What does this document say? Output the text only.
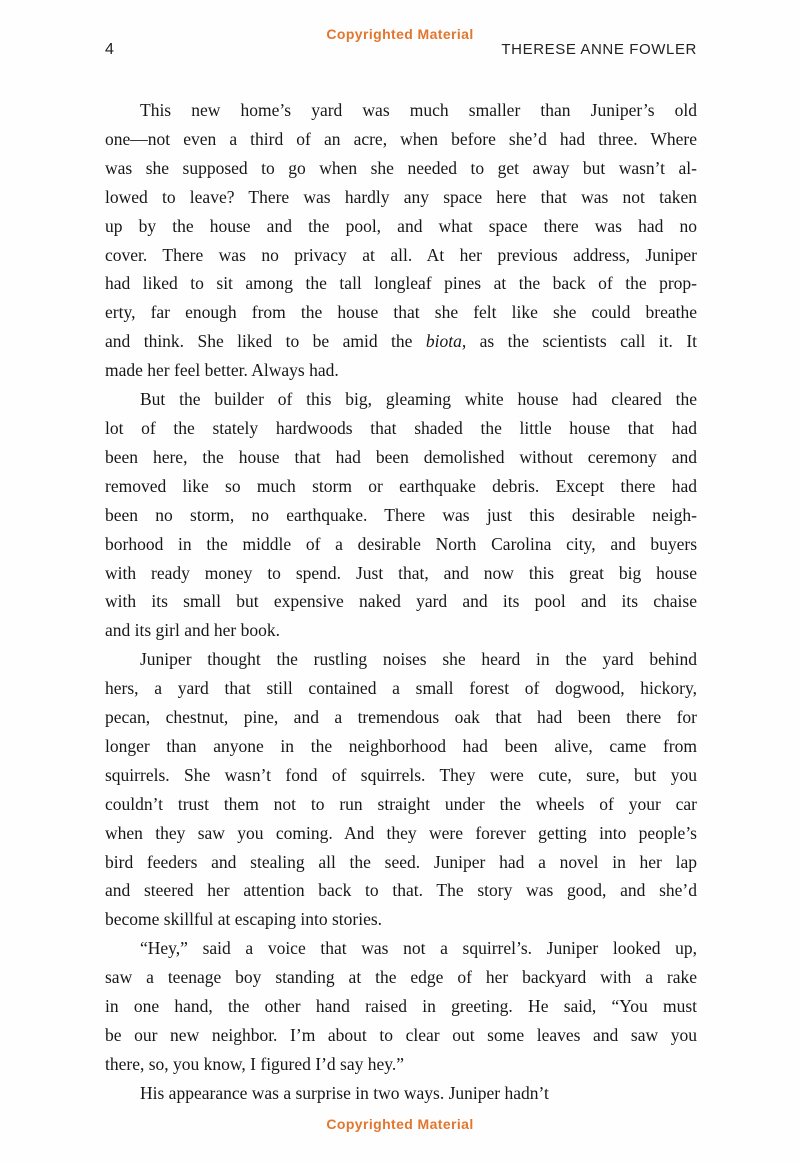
Copyrighted Material
4	THERESE ANNE FOWLER
This new home’s yard was much smaller than Juniper’s old
one—not even a third of an acre, when before she’d had three. Where
was she supposed to go when she needed to get away but wasn’t al-
lowed to leave? There was hardly any space here that was not taken
up by the house and the pool, and what space there was had no
cover. There was no privacy at all. At her previous address, Juniper
had liked to sit among the tall longleaf pines at the back of the prop-
erty, far enough from the house that she felt like she could breathe
and think. She liked to be amid the biota, as the scientists call it. It
made her feel better. Always had.
But the builder of this big, gleaming white house had cleared the
lot of the stately hardwoods that shaded the little house that had
been here, the house that had been demolished without ceremony and
removed like so much storm or earthquake debris. Except there had
been no storm, no earthquake. There was just this desirable neigh-
borhood in the middle of a desirable North Carolina city, and buyers
with ready money to spend. Just that, and now this great big house
with its small but expensive naked yard and its pool and its chaise
and its girl and her book.
Juniper thought the rustling noises she heard in the yard behind
hers, a yard that still contained a small forest of dogwood, hickory,
pecan, chestnut, pine, and a tremendous oak that had been there for
longer than anyone in the neighborhood had been alive, came from
squirrels. She wasn’t fond of squirrels. They were cute, sure, but you
couldn’t trust them not to run straight under the wheels of your car
when they saw you coming. And they were forever getting into people’s
bird feeders and stealing all the seed. Juniper had a novel in her lap
and steered her attention back to that. The story was good, and she’d
become skillful at escaping into stories.
“Hey,” said a voice that was not a squirrel’s. Juniper looked up,
saw a teenage boy standing at the edge of her backyard with a rake
in one hand, the other hand raised in greeting. He said, “You must
be our new neighbor. I’m about to clear out some leaves and saw you
there, so, you know, I figured I’d say hey.”
His appearance was a surprise in two ways. Juniper hadn’t
Copyrighted Material
